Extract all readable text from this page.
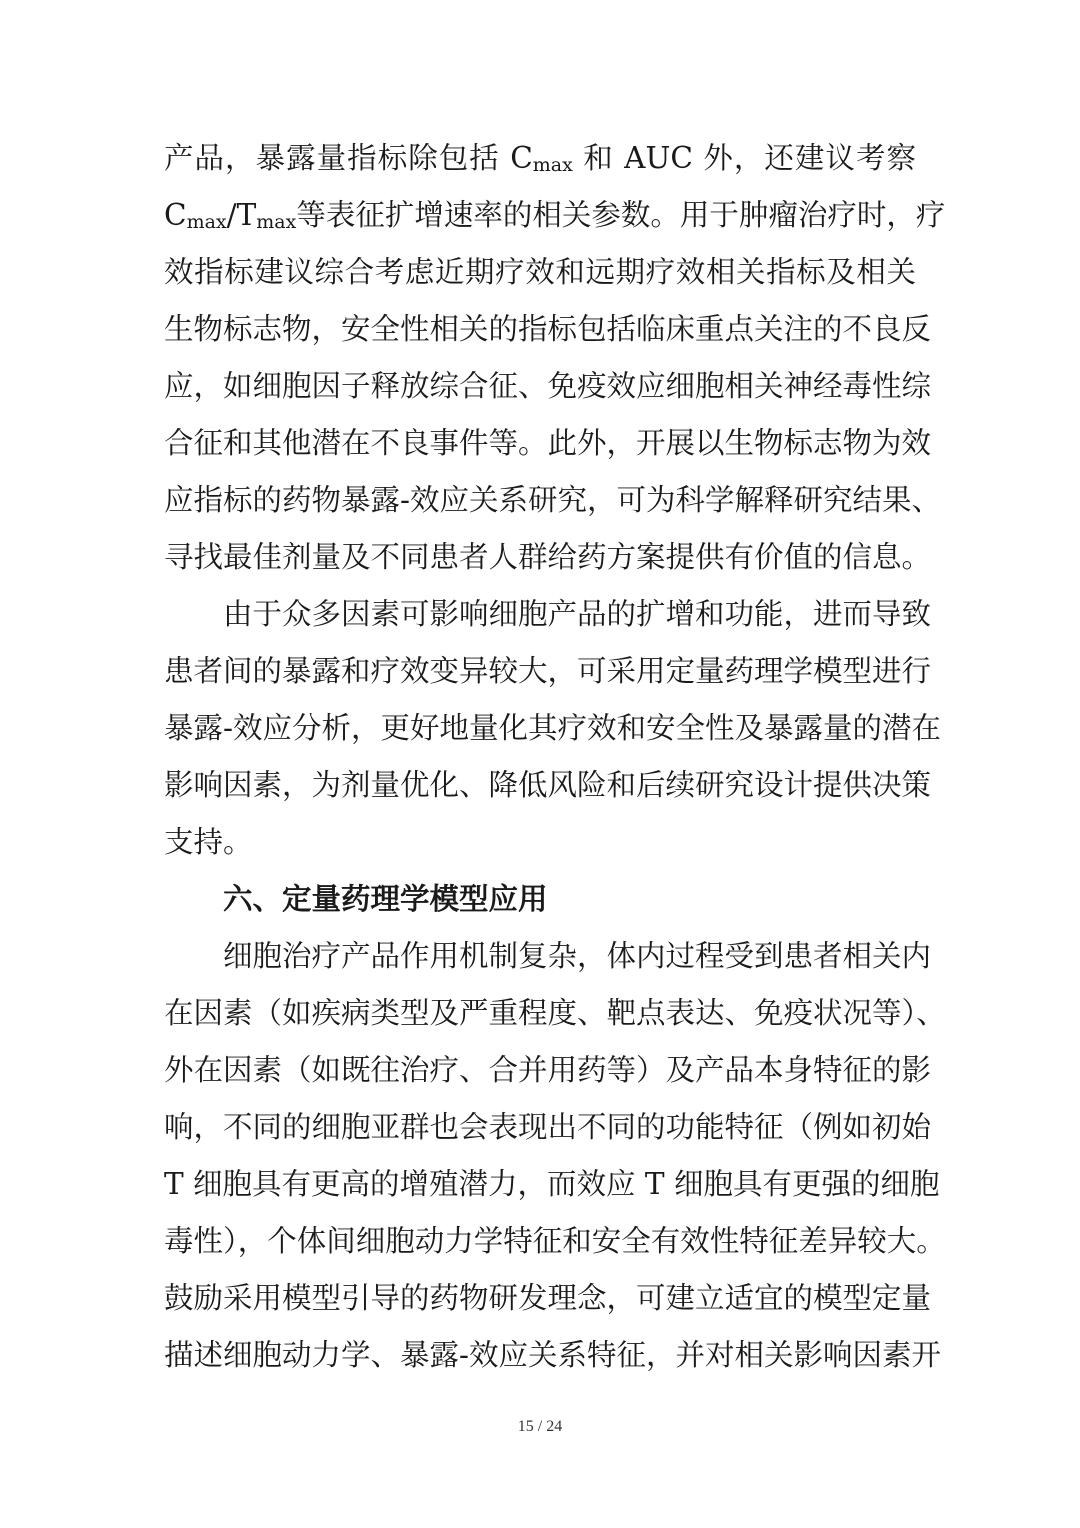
产品，暴露量指标除包括 Cmax 和 AUC 外，还建议考察
Cmax/Tmax等表征扩增速率的相关参数。用于肿瘤治疗时，疗
效指标建议综合考虑近期疗效和远期疗效相关指标及相关
生物标志物，安全性相关的指标包括临床重点关注的不良反
应，如细胞因子释放综合征、免疫效应细胞相关神经毒性综
合征和其他潜在不良事件等。此外，开展以生物标志物为效
应指标的药物暴露-效应关系研究，可为科学解释研究结果、
寻找最佳剂量及不同患者人群给药方案提供有价值的信息。
由于众多因素可影响细胞产品的扩增和功能，进而导致
患者间的暴露和疗效变异较大，可采用定量药理学模型进行
暴露-效应分析，更好地量化其疗效和安全性及暴露量的潜在
影响因素，为剂量优化、降低风险和后续研究设计提供决策
支持。
六、定量药理学模型应用
细胞治疗产品作用机制复杂，体内过程受到患者相关内
在因素（如疾病类型及严重程度、靶点表达、免疫状况等）、
外在因素（如既往治疗、合并用药等）及产品本身特征的影
响，不同的细胞亚群也会表现出不同的功能特征（例如初始
T 细胞具有更高的增殖潜力，而效应 T 细胞具有更强的细胞
毒性），个体间细胞动力学特征和安全有效性特征差异较大。
鼓励采用模型引导的药物研发理念，可建立适宜的模型定量
描述细胞动力学、暴露-效应关系特征，并对相关影响因素开
15 / 24
